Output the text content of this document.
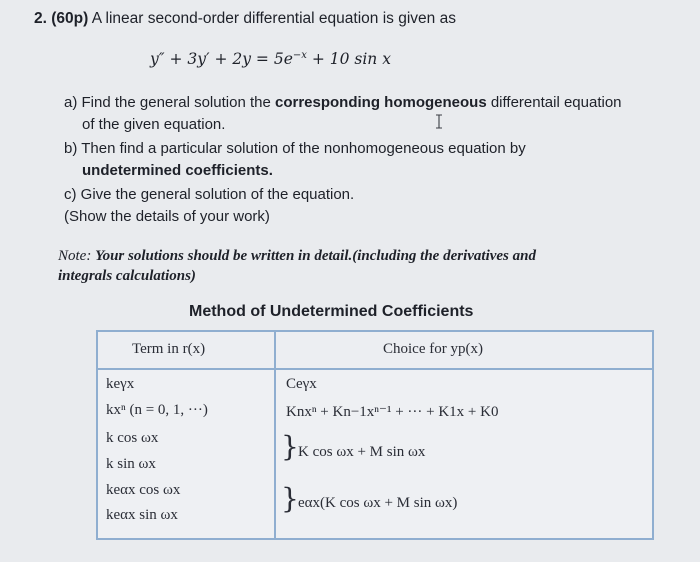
2. (60p) A linear second-order differential equation is given as
$y'' + 3y' + 2y = 5e^{-x} + 10$ sin x
a) Find the general solution the corresponding homogeneous differentail equation
of the given equation.
b) Then find a particular solution of the nonhomogeneous equation by
undetermined coefficients.
c) Give the general solution of the equation.
(Show the details of your work)
Note: Your solutions should be written in detail.(including the derivatives and
integrals calculations)
Method of Undetermined Coefficients
Term in r(x)	Choice for yp(x)
keγx
kxⁿ (n = 0, 1, ···)
k cos ωx
k sin ωx
keαx cos ωx
keαx sin ωx
Ceγx
Knxⁿ + Kn−1xⁿ⁻¹ + ··· + K1x + K0
} K cos ωx + M sin ωx
} eαx(K cos ωx + M sin ωx)
